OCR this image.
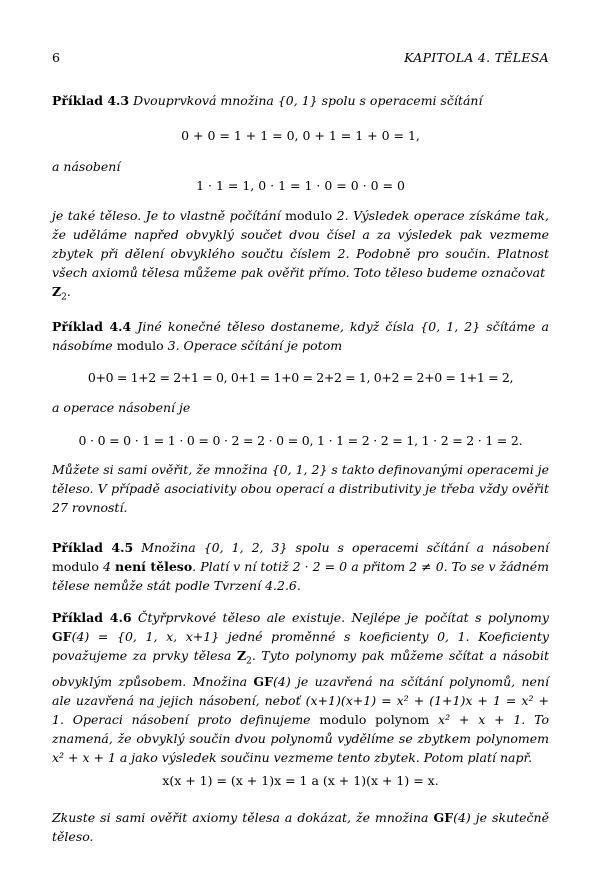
6	KAPITOLA 4. TĚLESA
Příklad 4.3 Dvouprvková množina {0, 1} spolu s operacemi sčítání
0 + 0 = 1 + 1 = 0, 0 + 1 = 1 + 0 = 1,
a násobení
1 · 1 = 1, 0 · 1 = 1 · 0 = 0 · 0 = 0
je také těleso. Je to vlastně počítání modulo 2. Výsledek operace získáme tak, že uděláme napřed obvyklý součet dvou čísel a za výsledek pak vezmeme zbytek při dělení obvyklého součtu číslem 2. Podobně pro součin. Platnost všech axiomů tělesa můžeme pak ověřit přímo. Toto těleso budeme označovat
$Z_2$.
Příklad 4.4 Jiné konečné těleso dostaneme, když čísla {0, 1, 2} sčítáme a násobíme modulo 3. Operace sčítání je potom
0+0 = 1+2 = 2+1 = 0, 0+1 = 1+0 = 2+2 = 1, 0+2 = 2+0 = 1+1 = 2,
a operace násobení je
0 · 0 = 0 · 1 = 1 · 0 = 0 · 2 = 2 · 0 = 0, 1 · 1 = 2 · 2 = 1, 1 · 2 = 2 · 1 = 2.
Můžete si sami ověřit, že množina {0, 1, 2} s takto definovanými operacemi je těleso. V případě asociativity obou operací a distributivity je třeba vždy ověřit 27 rovností.
Příklad 4.5 Množina {0, 1, 2, 3} spolu s operacemi sčítání a násobení modulo 4 není těleso. Platí v ní totiž 2 · 2 = 0 a přitom 2 ≠ 0. To se v žádném tělese nemůže stát podle Tvrzení 4.2.6.
Příklad 4.6 Čtyřprvkové těleso ale existuje. Nejlépe je počítat s polynomy GF(4) = {0, 1, x, x+1} jedné proměnné s koeficienty 0, 1. Koeficienty považujeme za prvky tělesa $Z_2$. Tyto polynomy pak můžeme sčítat a násobit obvyklým způsobem. Množina GF(4) je uzavřená na sčítání polynomů, není ale uzavřená na jejich násobení, neboť (x+1)(x+1) = x² + (1+1)x + 1 = x² + 1. Operaci násobení proto definujeme modulo polynom x² + x + 1. To znamená, že obvyklý součin dvou polynomů vydělíme se zbytkem polynomem x² + x + 1 a jako výsledek součinu vezmeme tento zbytek. Potom platí např.
x(x + 1) = (x + 1)x = 1 a (x + 1)(x + 1) = x.
Zkuste si sami ověřit axiomy tělesa a dokázat, že množina GF(4) je skutečně těleso.
